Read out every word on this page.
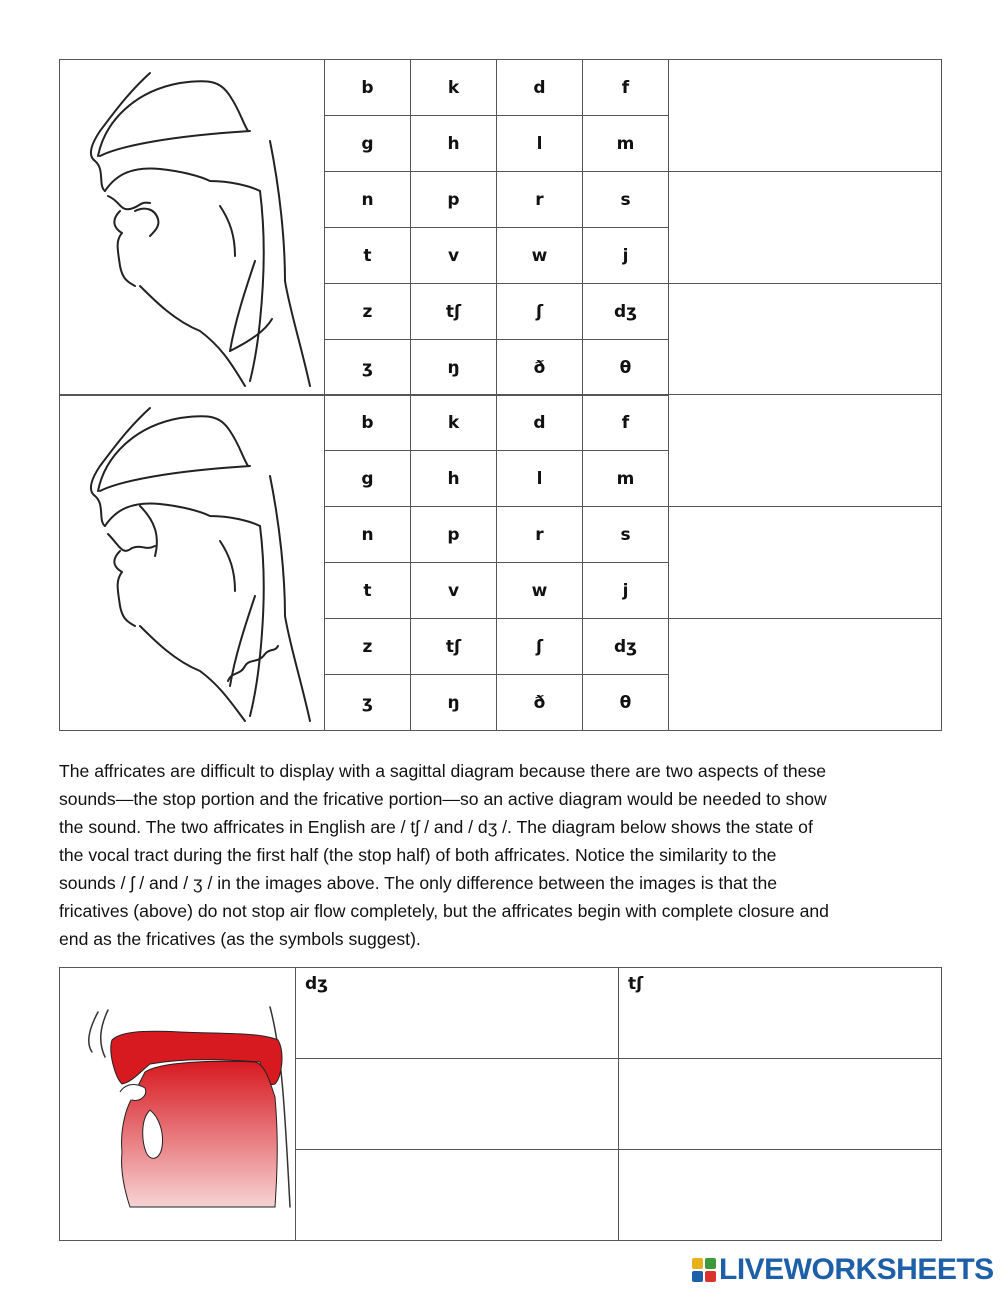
	b	k	d	f	
	g	h	l	m	
	n	p	r	s	
	t	v	w	j	
	z	tʃ	ʃ	dʒ	
	ʒ	ŋ	ð	θ	
	b	k	d	f	
	g	h	l	m	
	n	p	r	s	
	t	v	w	j	
	z	tʃ	ʃ	dʒ	
	ʒ	ŋ	ð	θ	

The affricates are difficult to display with a sagittal diagram because there are two aspects of these

sounds—the stop portion and the fricative portion—so an active diagram would be needed to show

the sound. The two affricates in English are / tʃ / and / dʒ /. The diagram below shows the state of

the vocal tract during the first half (the stop half) of both affricates. Notice the similarity to the

sounds / ʃ / and / ʒ / in the images above. The only difference between the images is that the

fricatives (above) do not stop air flow completely, but the affricates begin with complete closure and

end as the fricatives (as the symbols suggest).

	dʒ	tʃ

LIVEWORKSHEETS
